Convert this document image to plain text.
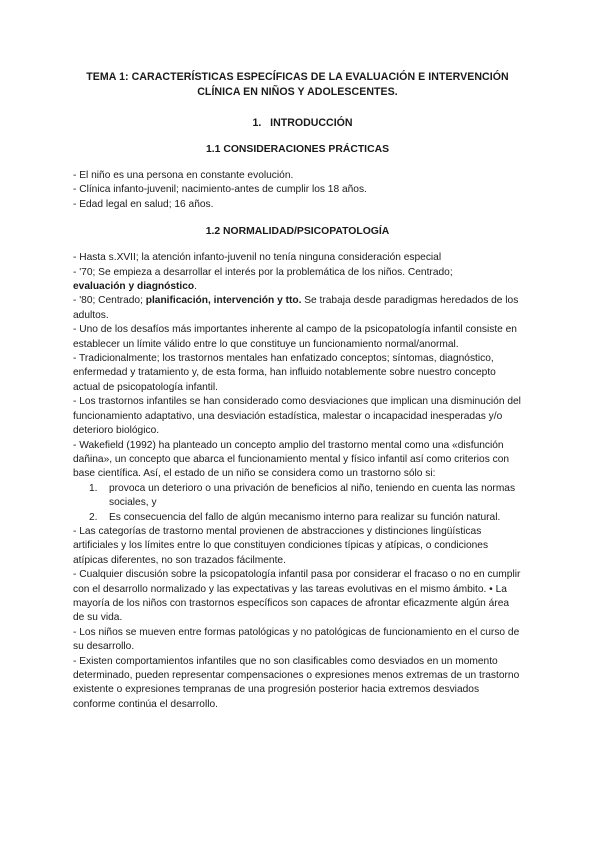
TEMA 1: CARACTERÍSTICAS ESPECÍFICAS DE LA EVALUACIÓN E INTERVENCIÓN
CLÍNICA EN NIÑOS Y ADOLESCENTES.
1. INTRODUCCIÓN
1.1 CONSIDERACIONES PRÁCTICAS

- El niño es una persona en constante evolución.

- Clínica infanto-juvenil; nacimiento-antes de cumplir los 18 años.

- Edad legal en salud; 16 años.

1.2 NORMALIDAD/PSICOPATOLOGÍA

- Hasta s.XVII; la atención infanto-juvenil no tenía ninguna consideración especial

- '70; Se empieza a desarrollar el interés por la problemática de los niños. Centrado;
evaluación y diagnóstico.

- '80; Centrado; planificación, intervención y tto. Se trabaja desde paradigmas heredados de los adultos.

- Uno de los desafíos más importantes inherente al campo de la psicopatología infantil consiste en establecer un límite válido entre lo que constituye un funcionamiento normal/anormal.

- Tradicionalmente; los trastornos mentales han enfatizado conceptos; síntomas, diagnóstico, enfermedad y tratamiento y, de esta forma, han influido notablemente sobre nuestro concepto actual de psicopatología infantil.

- Los trastornos infantiles se han considerado como desviaciones que implican una disminución del funcionamiento adaptativo, una desviación estadística, malestar o incapacidad inesperadas y/o deterioro biológico.

- Wakefield (1992) ha planteado un concepto amplio del trastorno mental como una «disfunción dañina», un concepto que abarca el funcionamiento mental y físico infantil así como criterios con base científica. Así, el estado de un niño se considera como un trastorno sólo si:

1. provoca un deterioro o una privación de beneficios al niño, teniendo en cuenta las normas sociales, y
2. Es consecuencia del fallo de algún mecanismo interno para realizar su función natural.

- Las categorías de trastorno mental provienen de abstracciones y distinciones lingüísticas artificiales y los límites entre lo que constituyen condiciones típicas y atípicas, o condiciones atípicas diferentes, no son trazados fácilmente.

- Cualquier discusión sobre la psicopatología infantil pasa por considerar el fracaso o no en cumplir con el desarrollo normalizado y las expectativas y las tareas evolutivas en el mismo ámbito. • La mayoría de los niños con trastornos específicos son capaces de afrontar eficazmente algún área de su vida.

- Los niños se mueven entre formas patológicas y no patológicas de funcionamiento en el curso de su desarrollo.

- Existen comportamientos infantiles que no son clasificables como desviados en un momento determinado, pueden representar compensaciones o expresiones menos extremas de un trastorno existente o expresiones tempranas de una progresión posterior hacia extremos desviados conforme continúa el desarrollo.
